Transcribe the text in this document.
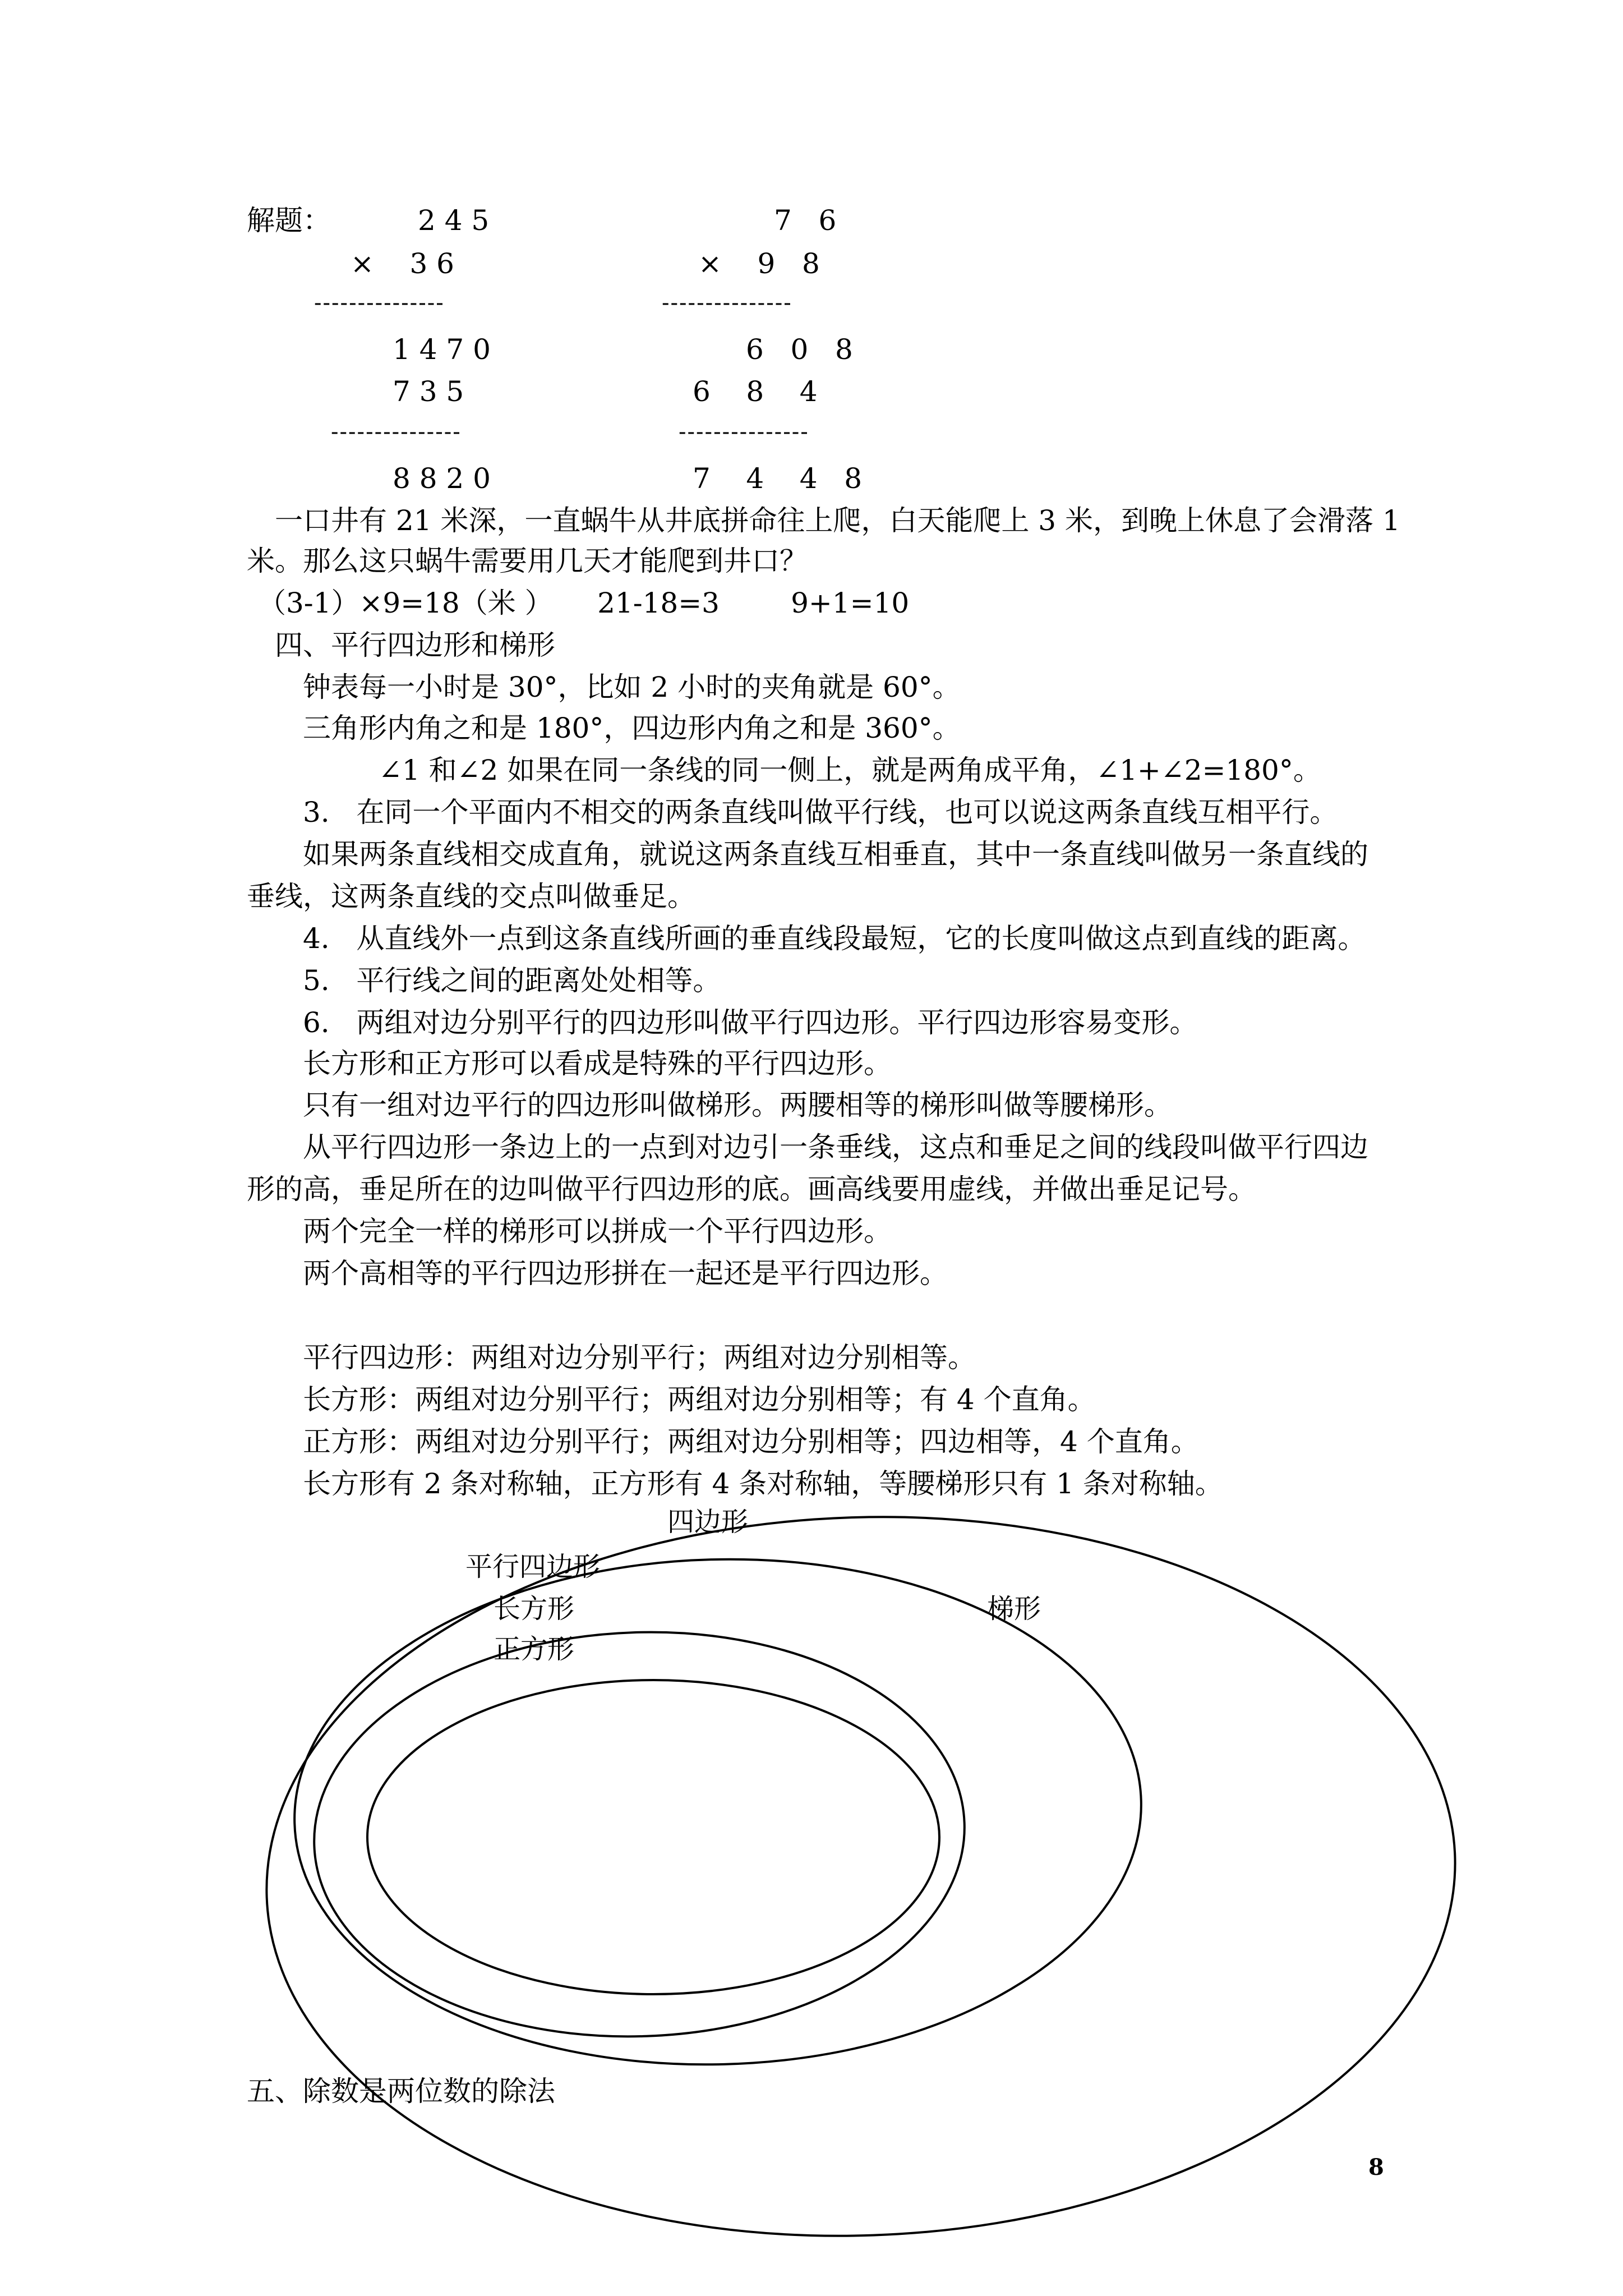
解题：	2 4 5
×    3 6
---------------
1 4 7 0
7 3 5
---------------
8 8 2 0
7   6
×    9   8
---------------
6   0   8
6    8    4
---------------
7    4    4   8
一口井有 21 米深，一直蜗牛从井底拼命往上爬，白天能爬上 3 米，到晚上休息了会滑落 1
米。那么这只蜗牛需要用几天才能爬到井口？
（3-1）×9=18（米 ）     21-18=3        9+1=10
四、平行四边形和梯形
钟表每一小时是 30°，比如 2 小时的夹角就是 60°。
三角形内角之和是 180°，四边形内角之和是 360°。
∠1 和∠2 如果在同一条线的同一侧上，就是两角成平角，∠1+∠2=180°。
3.   在同一个平面内不相交的两条直线叫做平行线，也可以说这两条直线互相平行。
如果两条直线相交成直角，就说这两条直线互相垂直，其中一条直线叫做另一条直线的
垂线，这两条直线的交点叫做垂足。
4.   从直线外一点到这条直线所画的垂直线段最短，它的长度叫做这点到直线的距离。
5.   平行线之间的距离处处相等。
6.   两组对边分别平行的四边形叫做平行四边形。平行四边形容易变形。
长方形和正方形可以看成是特殊的平行四边形。
只有一组对边平行的四边形叫做梯形。两腰相等的梯形叫做等腰梯形。
从平行四边形一条边上的一点到对边引一条垂线，这点和垂足之间的线段叫做平行四边
形的高，垂足所在的边叫做平行四边形的底。画高线要用虚线，并做出垂足记号。
两个完全一样的梯形可以拼成一个平行四边形。
两个高相等的平行四边形拼在一起还是平行四边形。
平行四边形：两组对边分别平行；两组对边分别相等。
长方形：两组对边分别平行；两组对边分别相等；有 4 个直角。
正方形：两组对边分别平行；两组对边分别相等；四边相等，4 个直角。
长方形有 2 条对称轴，正方形有 4 条对称轴，等腰梯形只有 1 条对称轴。
四边形
平行四边形
长方形	梯形
正方形
五、除数是两位数的除法
8
